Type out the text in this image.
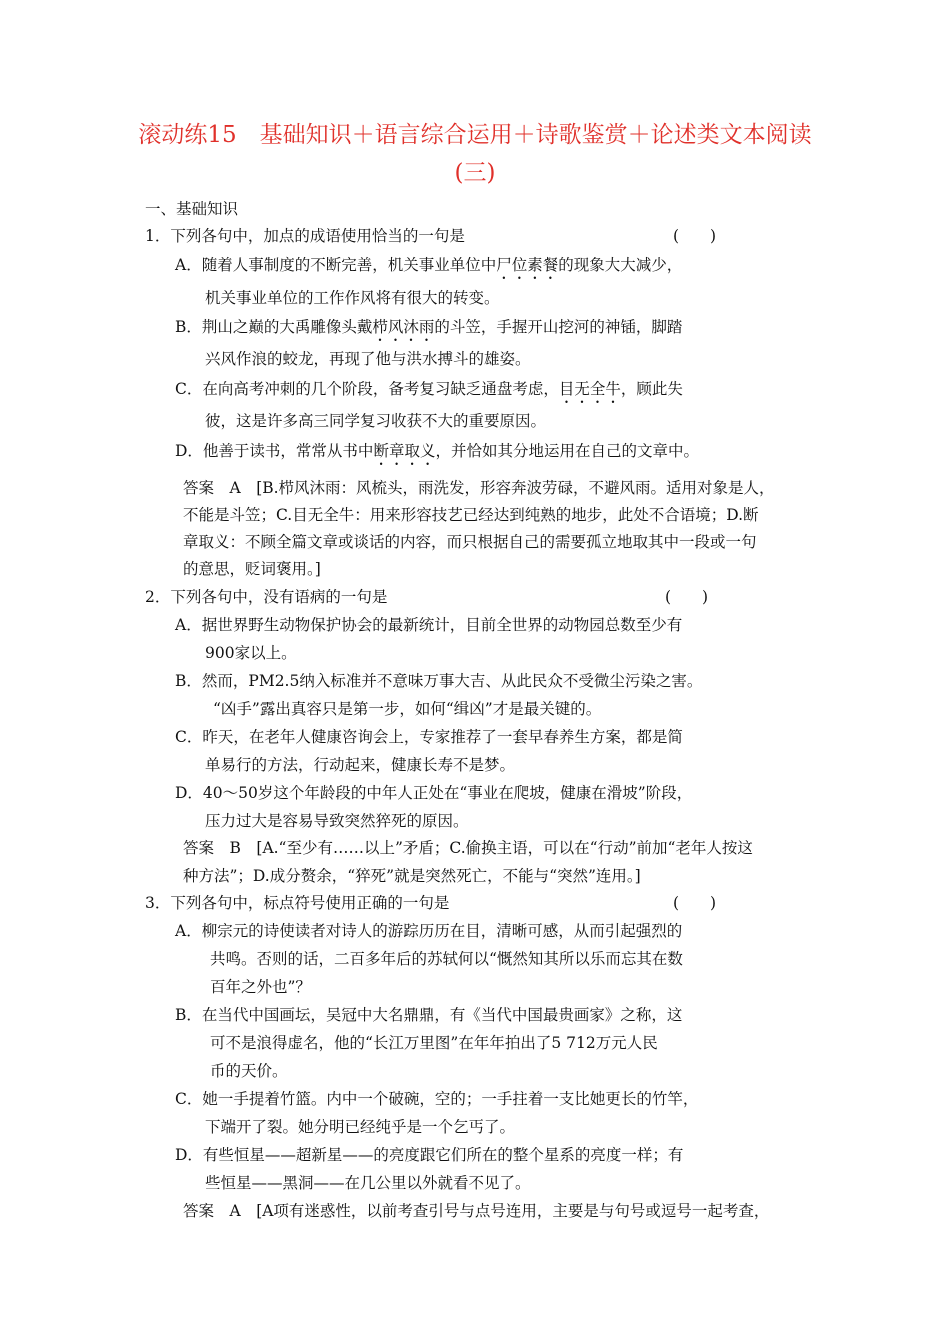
滚动练15　基础知识＋语言综合运用＋诗歌鉴赏＋论述类文本阅读
(三)
一、基础知识
1．下列各句中，加点的成语使用恰当的一句是	(　　)
A．随着人事制度的不断完善，机关事业单位中尸位素餐的现象大大减少，
机关事业单位的工作作风将有很大的转变。
B．荆山之巅的大禹雕像头戴栉风沐雨的斗笠，手握开山挖河的神锸，脚踏
兴风作浪的蛟龙，再现了他与洪水搏斗的雄姿。
C．在向高考冲刺的几个阶段，备考复习缺乏通盘考虑，目无全牛，顾此失
彼，这是许多高三同学复习收获不大的重要原因。
D．他善于读书，常常从书中断章取义，并恰如其分地运用在自己的文章中。
答案　A　[B.栉风沐雨：风梳头，雨洗发，形容奔波劳碌，不避风雨。适用对象是人，
不能是斗笠；C.目无全牛：用来形容技艺已经达到纯熟的地步，此处不合语境；D.断
章取义：不顾全篇文章或谈话的内容，而只根据自己的需要孤立地取其中一段或一句
的意思，贬词褒用。]
2．下列各句中，没有语病的一句是	(　　)
A．据世界野生动物保护协会的最新统计，目前全世界的动物园总数至少有
900家以上。
B．然而，PM2.5纳入标准并不意味万事大吉、从此民众不受微尘污染之害。
“凶手”露出真容只是第一步，如何“缉凶”才是最关键的。
C．昨天，在老年人健康咨询会上，专家推荐了一套早春养生方案，都是简
单易行的方法，行动起来，健康长寿不是梦。
D．40～50岁这个年龄段的中年人正处在“事业在爬坡，健康在滑坡”阶段，
压力过大是容易导致突然猝死的原因。
答案　B　[A.“至少有……以上”矛盾；C.偷换主语，可以在“行动”前加“老年人按这
种方法”；D.成分赘余，“猝死”就是突然死亡，不能与“突然”连用。]
3．下列各句中，标点符号使用正确的一句是	(　　)
A．柳宗元的诗使读者对诗人的游踪历历在目，清晰可感，从而引起强烈的
共鸣。否则的话，二百多年后的苏轼何以“慨然知其所以乐而忘其在数
百年之外也”？
B．在当代中国画坛，吴冠中大名鼎鼎，有《当代中国最贵画家》之称，这
可不是浪得虚名，他的“长江万里图”在年年拍出了5 712万元人民
币的天价。
C．她一手提着竹篮。内中一个破碗，空的；一手拄着一支比她更长的竹竿，
下端开了裂。她分明已经纯乎是一个乞丐了。
D．有些恒星——超新星——的亮度跟它们所在的整个星系的亮度一样；有
些恒星——黑洞——在几公里以外就看不见了。
答案　A　[A项有迷惑性，以前考查引号与点号连用，主要是与句号或逗号一起考查，
